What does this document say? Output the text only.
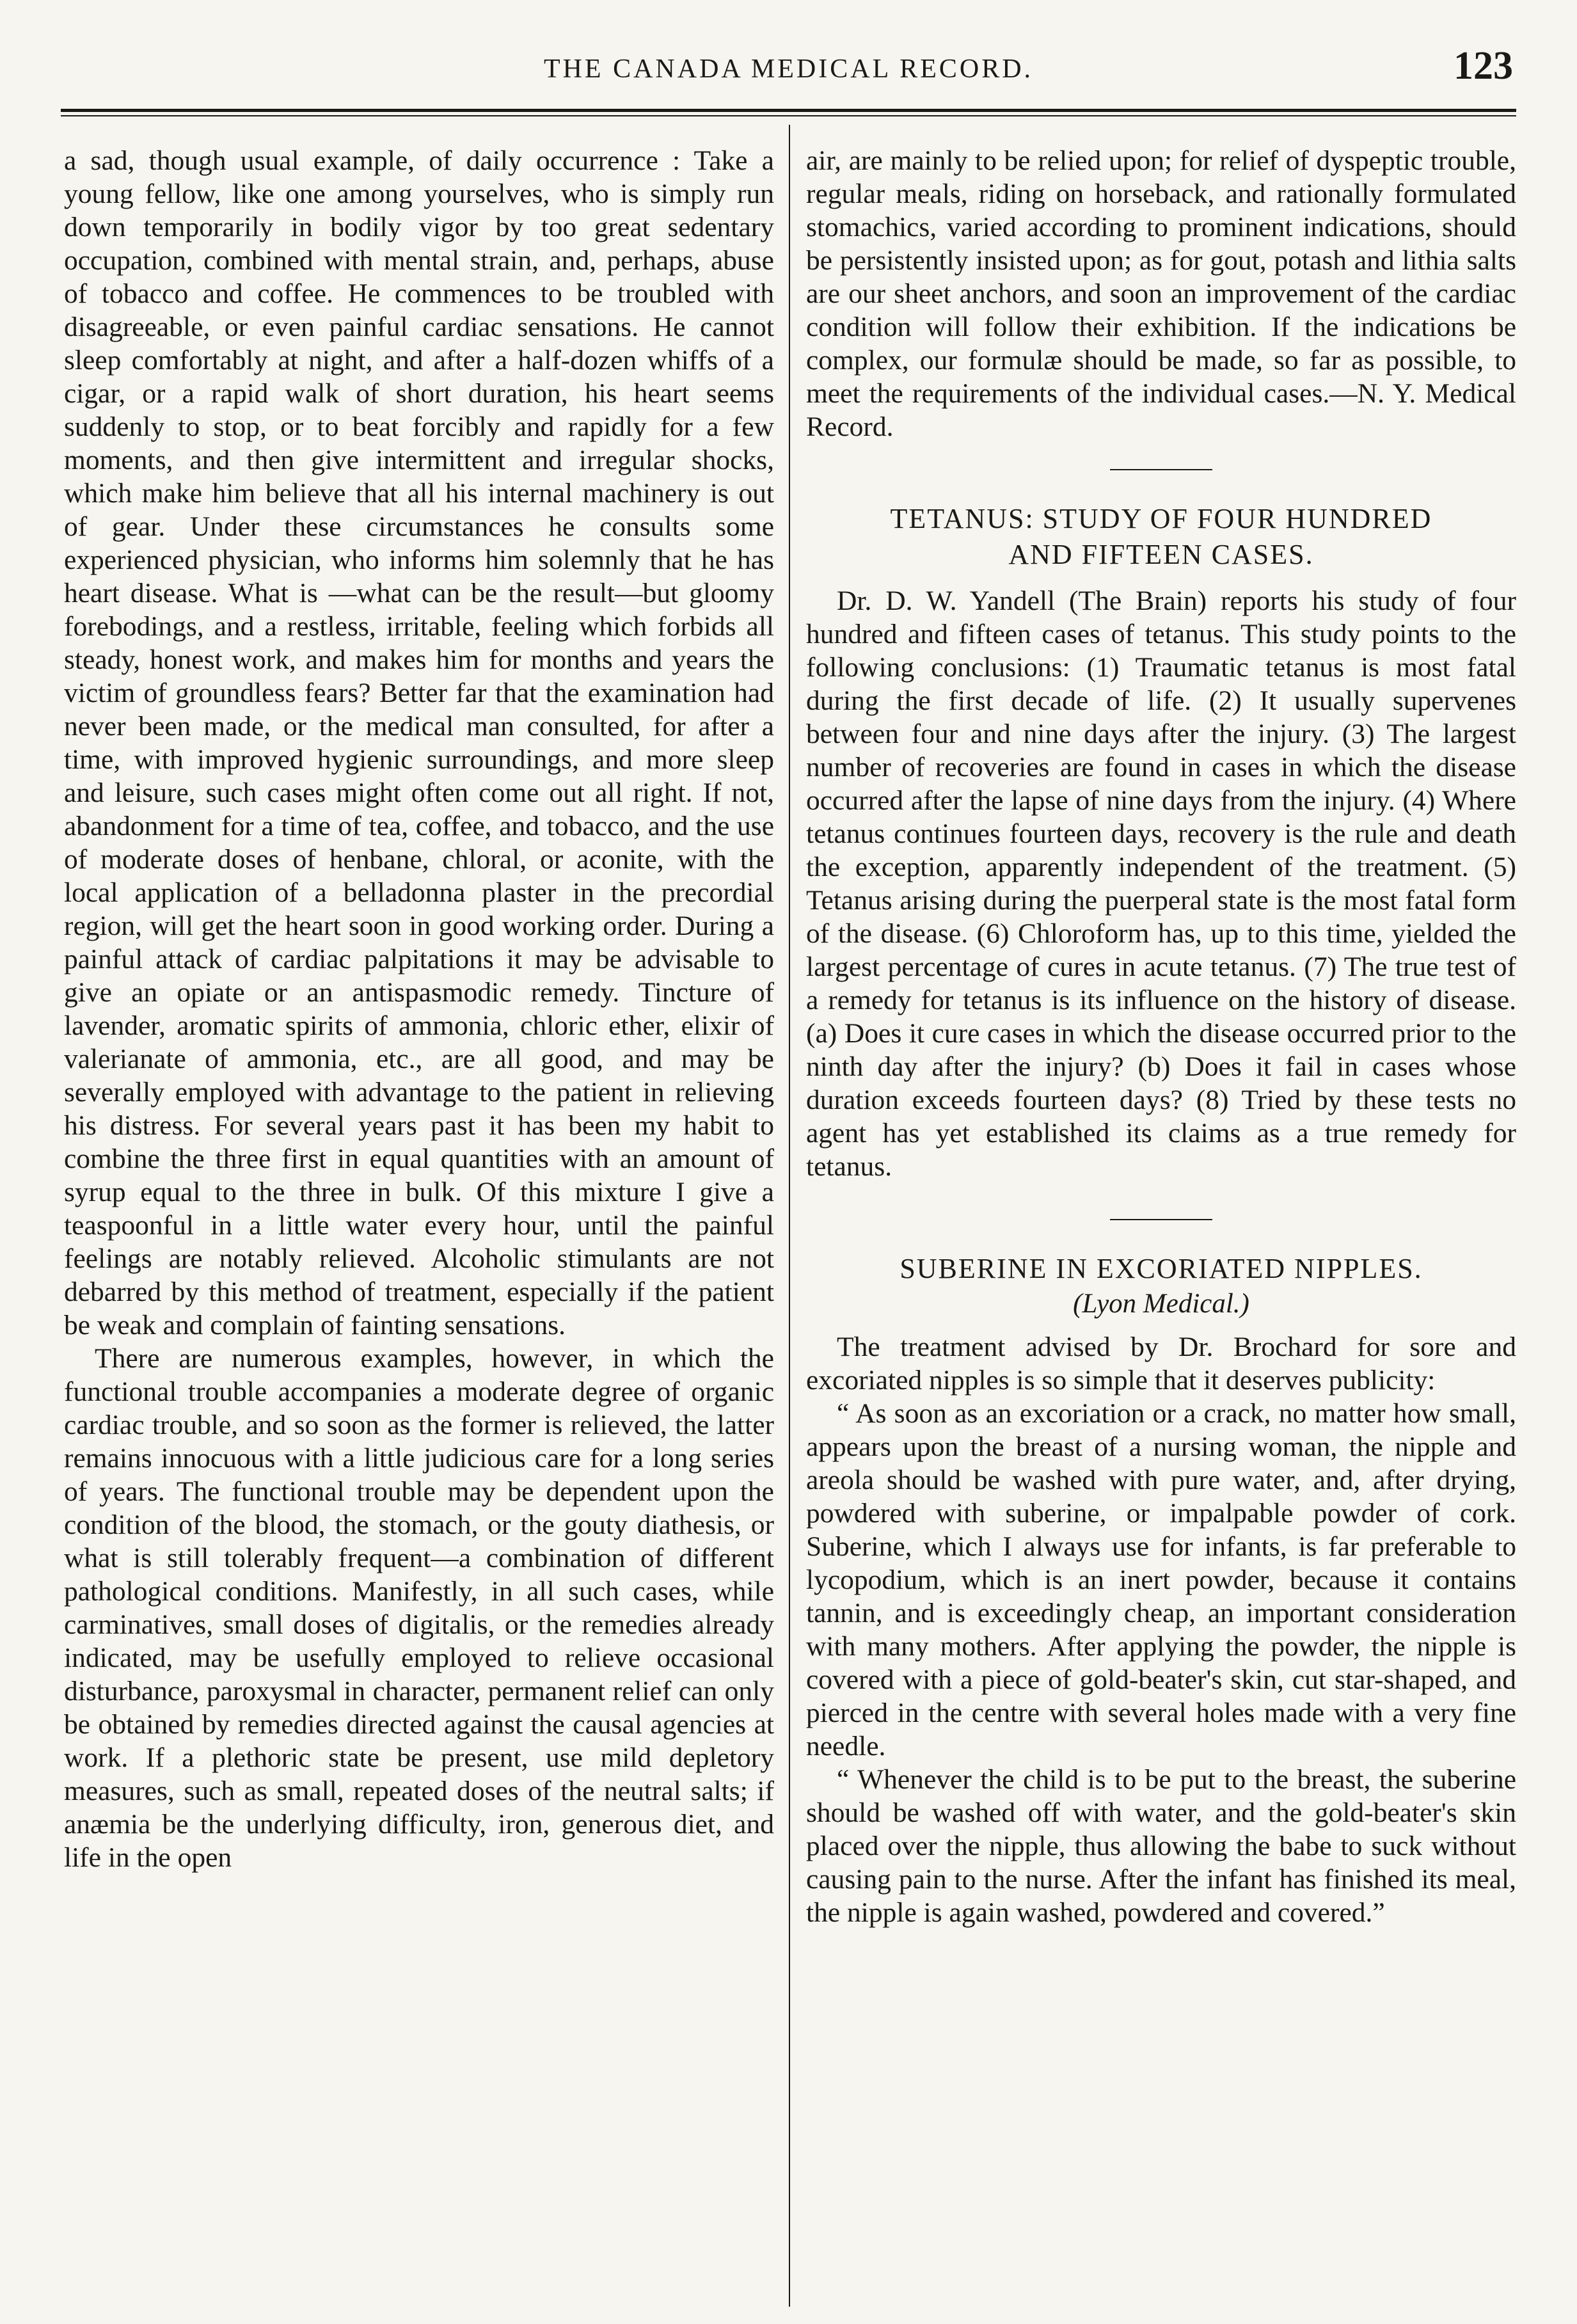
THE CANADA MEDICAL RECORD.	123

a sad, though usual example, of daily occurrence : Take a young fellow, like one among yourselves, who is simply run down temporarily in bodily vigor by too great sedentary occupation, combined with mental strain, and, perhaps, abuse of tobacco and coffee. He commences to be troubled with disagreeable, or even painful cardiac sensations. He cannot sleep comfortably at night, and after a half-dozen whiffs of a cigar, or a rapid walk of short duration, his heart seems suddenly to stop, or to beat forcibly and rapidly for a few moments, and then give intermittent and irregular shocks, which make him believe that all his internal machinery is out of gear. Under these circumstances he consults some experienced physician, who informs him solemnly that he has heart disease. What is —what can be the result—but gloomy forebodings, and a restless, irritable, feeling which forbids all steady, honest work, and makes him for months and years the victim of groundless fears? Better far that the examination had never been made, or the medical man consulted, for after a time, with improved hygienic surroundings, and more sleep and leisure, such cases might often come out all right. If not, abandonment for a time of tea, coffee, and tobacco, and the use of moderate doses of henbane, chloral, or aconite, with the local application of a belladonna plaster in the precordial region, will get the heart soon in good working order. During a painful attack of cardiac palpitations it may be advisable to give an opiate or an antispasmodic remedy. Tincture of lavender, aromatic spirits of ammonia, chloric ether, elixir of valerianate of ammonia, etc., are all good, and may be severally employed with advantage to the patient in relieving his distress. For several years past it has been my habit to combine the three first in equal quantities with an amount of syrup equal to the three in bulk. Of this mixture I give a teaspoonful in a little water every hour, until the painful feelings are notably relieved. Alcoholic stimulants are not debarred by this method of treatment, especially if the patient be weak and complain of fainting sensations.

There are numerous examples, however, in which the functional trouble accompanies a moderate degree of organic cardiac trouble, and so soon as the former is relieved, the latter remains innocuous with a little judicious care for a long series of years. The functional trouble may be dependent upon the condition of the blood, the stomach, or the gouty diathesis, or what is still tolerably frequent—a combination of different pathological conditions. Manifestly, in all such cases, while carminatives, small doses of digitalis, or the remedies already indicated, may be usefully employed to relieve occasional disturbance, paroxysmal in character, permanent relief can only be obtained by remedies directed against the causal agencies at work. If a plethoric state be present, use mild depletory measures, such as small, repeated doses of the neutral salts; if anæmia be the underlying difficulty, iron, generous diet, and life in the open

air, are mainly to be relied upon; for relief of dyspeptic trouble, regular meals, riding on horseback, and rationally formulated stomachics, varied according to prominent indications, should be persistently insisted upon; as for gout, potash and lithia salts are our sheet anchors, and soon an improvement of the cardiac condition will follow their exhibition. If the indications be complex, our formulæ should be made, so far as possible, to meet the requirements of the individual cases.—N. Y. Medical Record.

TETANUS: STUDY OF FOUR HUNDRED
AND FIFTEEN CASES.

Dr. D. W. Yandell (The Brain) reports his study of four hundred and fifteen cases of tetanus. This study points to the following conclusions: (1) Traumatic tetanus is most fatal during the first decade of life. (2) It usually supervenes between four and nine days after the injury. (3) The largest number of recoveries are found in cases in which the disease occurred after the lapse of nine days from the injury. (4) Where tetanus continues fourteen days, recovery is the rule and death the exception, apparently independent of the treatment. (5) Tetanus arising during the puerperal state is the most fatal form of the disease. (6) Chloroform has, up to this time, yielded the largest percentage of cures in acute tetanus. (7) The true test of a remedy for tetanus is its influence on the history of disease. (a) Does it cure cases in which the disease occurred prior to the ninth day after the injury? (b) Does it fail in cases whose duration exceeds fourteen days? (8) Tried by these tests no agent has yet established its claims as a true remedy for tetanus.

SUBERINE IN EXCORIATED NIPPLES.

(Lyon Medical.)

The treatment advised by Dr. Brochard for sore and excoriated nipples is so simple that it deserves publicity:

“ As soon as an excoriation or a crack, no matter how small, appears upon the breast of a nursing woman, the nipple and areola should be washed with pure water, and, after drying, powdered with suberine, or impalpable powder of cork. Suberine, which I always use for infants, is far preferable to lycopodium, which is an inert powder, because it contains tannin, and is exceedingly cheap, an important consideration with many mothers. After applying the powder, the nipple is covered with a piece of gold-beater's skin, cut star-shaped, and pierced in the centre with several holes made with a very fine needle.

“ Whenever the child is to be put to the breast, the suberine should be washed off with water, and the gold-beater's skin placed over the nipple, thus allowing the babe to suck without causing pain to the nurse. After the infant has finished its meal, the nipple is again washed, powdered and covered.”
